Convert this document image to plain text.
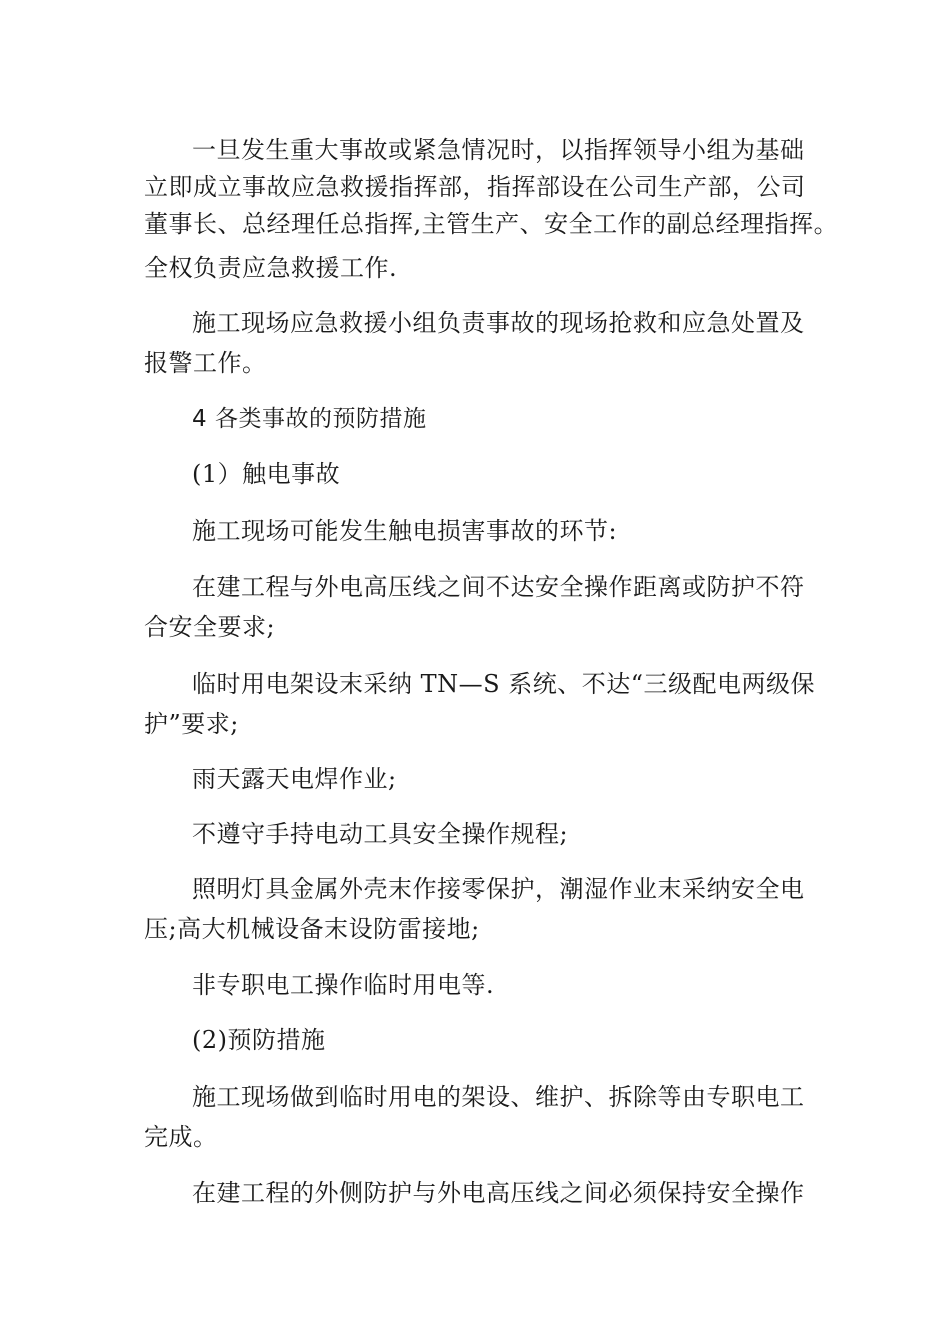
一旦发生重大事故或紧急情况时，以指挥领导小组为基础

立即成立事故应急救援指挥部，指挥部设在公司生产部，公司

董事长、总经理任总指挥,主管生产、安全工作的副总经理指挥。

全权负责应急救援工作.

施工现场应急救援小组负责事故的现场抢救和应急处置及

报警工作。

4 各类事故的预防措施

(1）触电事故

施工现场可能发生触电损害事故的环节:

在建工程与外电高压线之间不达安全操作距离或防护不符

合安全要求;

临时用电架设末采纳 TN—S 系统、不达“三级配电两级保

护”要求;

雨天露天电焊作业;

不遵守手持电动工具安全操作规程;

照明灯具金属外壳末作接零保护，潮湿作业末采纳安全电

压;高大机械设备末设防雷接地;

非专职电工操作临时用电等.

(2)预防措施

施工现场做到临时用电的架设、维护、拆除等由专职电工

完成。

在建工程的外侧防护与外电高压线之间必须保持安全操作
